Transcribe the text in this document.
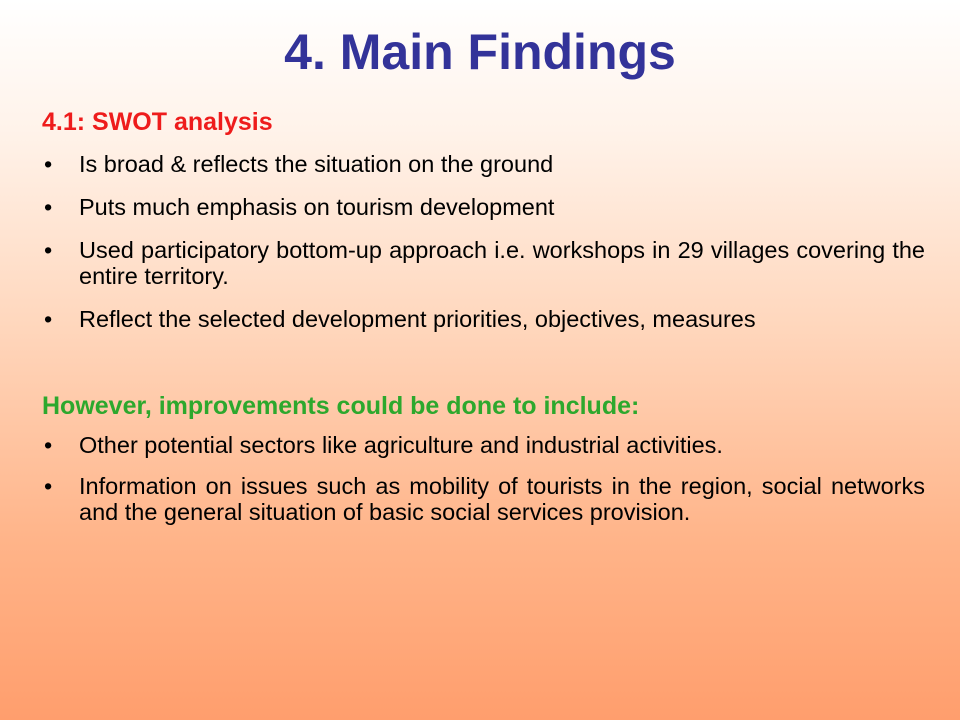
4. Main Findings
4.1: SWOT analysis
• Is broad & reflects the situation on the ground
• Puts much emphasis on tourism development
• Used participatory bottom-up approach i.e. workshops in 29 villages covering the entire territory.
• Reflect the selected development priorities, objectives, measures
However, improvements could be done to include:
• Other potential sectors like agriculture and industrial activities.
• Information on issues such as mobility of tourists in the region, social networks and the general situation of basic social services provision.
